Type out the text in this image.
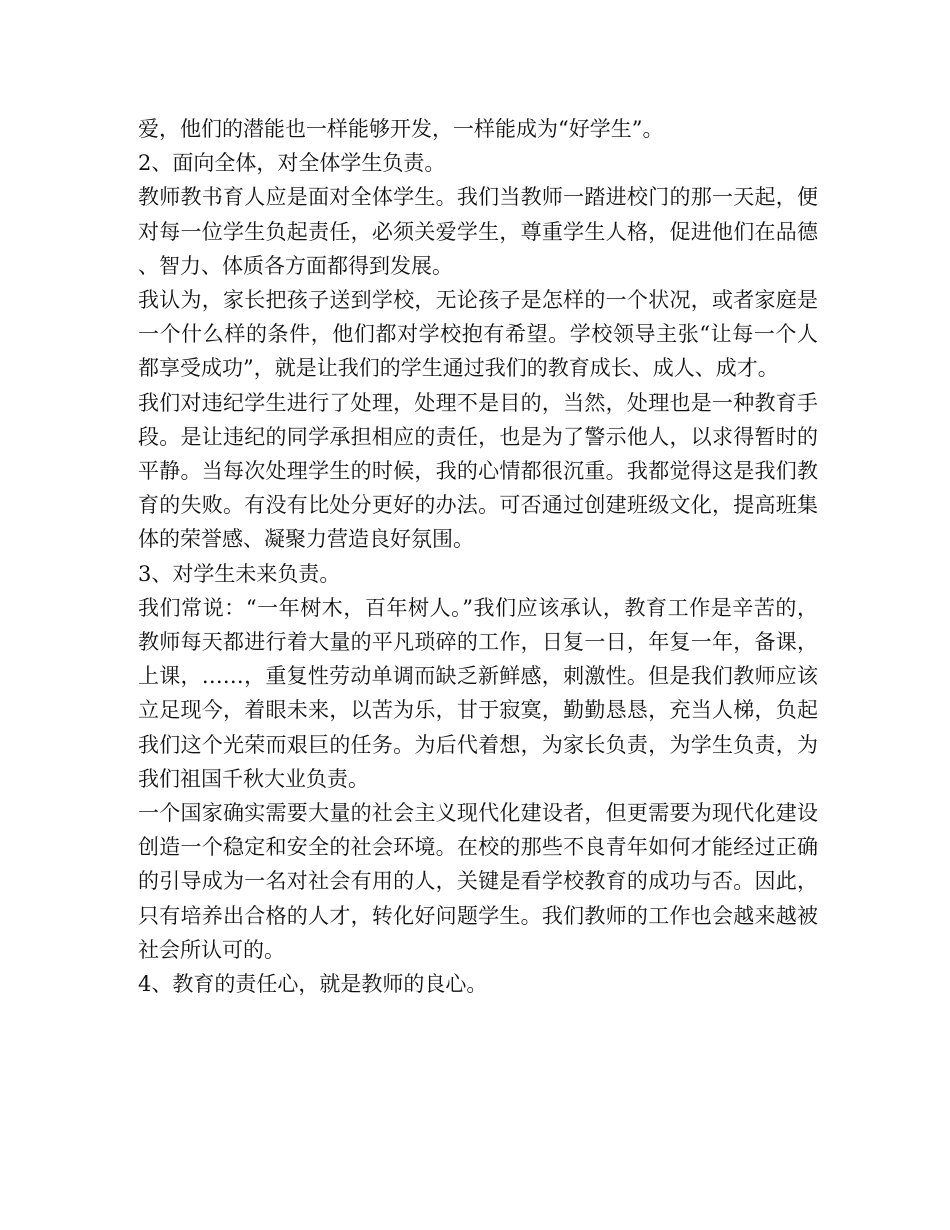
爱，他们的潜能也一样能够开发，一样能成为“好学生”。

2、面向全体，对全体学生负责。

教师教书育人应是面对全体学生。我们当教师一踏进校门的那一天起，便对每一位学生负起责任，必须关爱学生，尊重学生人格，促进他们在品德、智力、体质各方面都得到发展。

我认为，家长把孩子送到学校，无论孩子是怎样的一个状况，或者家庭是一个什么样的条件，他们都对学校抱有希望。学校领导主张“让每一个人都享受成功”，就是让我们的学生通过我们的教育成长、成人、成才。

我们对违纪学生进行了处理，处理不是目的，当然，处理也是一种教育手段。是让违纪的同学承担相应的责任，也是为了警示他人，以求得暂时的平静。当每次处理学生的时候，我的心情都很沉重。我都觉得这是我们教育的失败。有没有比处分更好的办法。可否通过创建班级文化，提高班集体的荣誉感、凝聚力营造良好氛围。

3、对学生未来负责。

我们常说：“一年树木，百年树人。”我们应该承认，教育工作是辛苦的，教师每天都进行着大量的平凡琐碎的工作，日复一日，年复一年，备课，上课，……，重复性劳动单调而缺乏新鲜感，刺激性。但是我们教师应该立足现今，着眼未来，以苦为乐，甘于寂寞，勤勤恳恳，充当人梯，负起我们这个光荣而艰巨的任务。为后代着想，为家长负责，为学生负责，为我们祖国千秋大业负责。

一个国家确实需要大量的社会主义现代化建设者，但更需要为现代化建设创造一个稳定和安全的社会环境。在校的那些不良青年如何才能经过正确的引导成为一名对社会有用的人，关键是看学校教育的成功与否。因此，只有培养出合格的人才，转化好问题学生。我们教师的工作也会越来越被社会所认可的。

4、教育的责任心，就是教师的良心。
